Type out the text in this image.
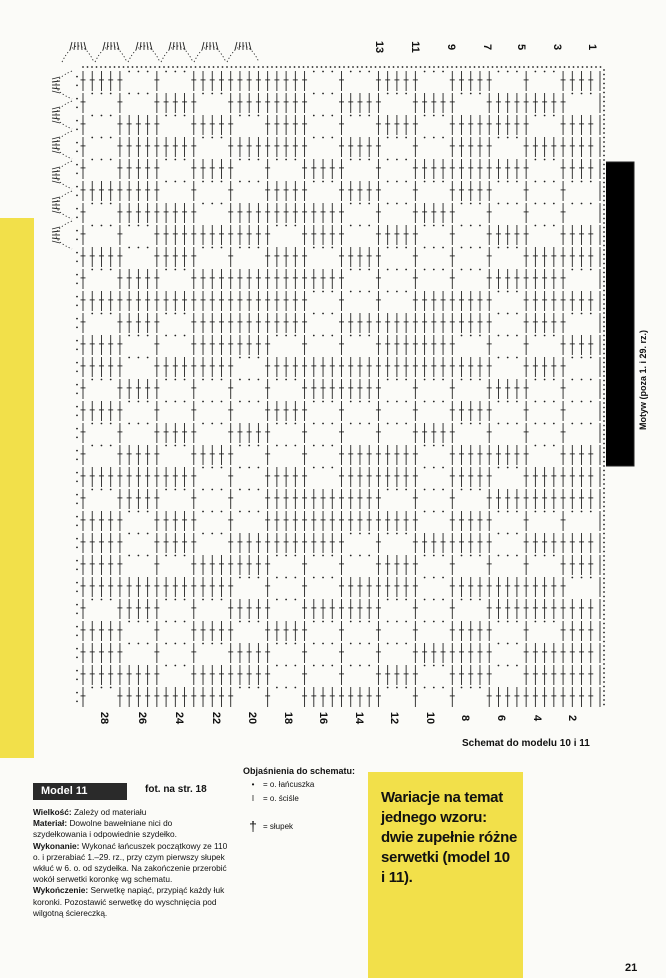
13 11 9 7 5 3 1
28 26 24 22 20 18 16 14 12 10 8 6 4 2
Motyw (poza 1. i 29. rz.)
Schemat do modelu 10 i 11
Model 11	fot. na str. 18

Wielkość: Zależy od materiału

Materiał: Dowolne bawełniane nici do szydełkowania i odpowiednie szydełko.

Wykonanie: Wykonać łańcuszek początkowy ze 110 o. i przerabiać 1.–29. rz., przy czym pierwszy słupek wkłuć w 6. o. od szydełka. Na zakończenie przerobić wokół serwetki koronkę wg schematu.

Wykończenie: Serwetkę napiąć, przypiąć każdy łuk koronki. Pozostawić serwetkę do wyschnięcia pod wilgotną ściereczką.

Objaśnienia do schematu:
•	= o. łańcuszka
I	= o. ściśle
† = słupek
Wariacje na temat jednego wzoru: dwie zupełnie różne serwetki (model 10 i 11).
21
